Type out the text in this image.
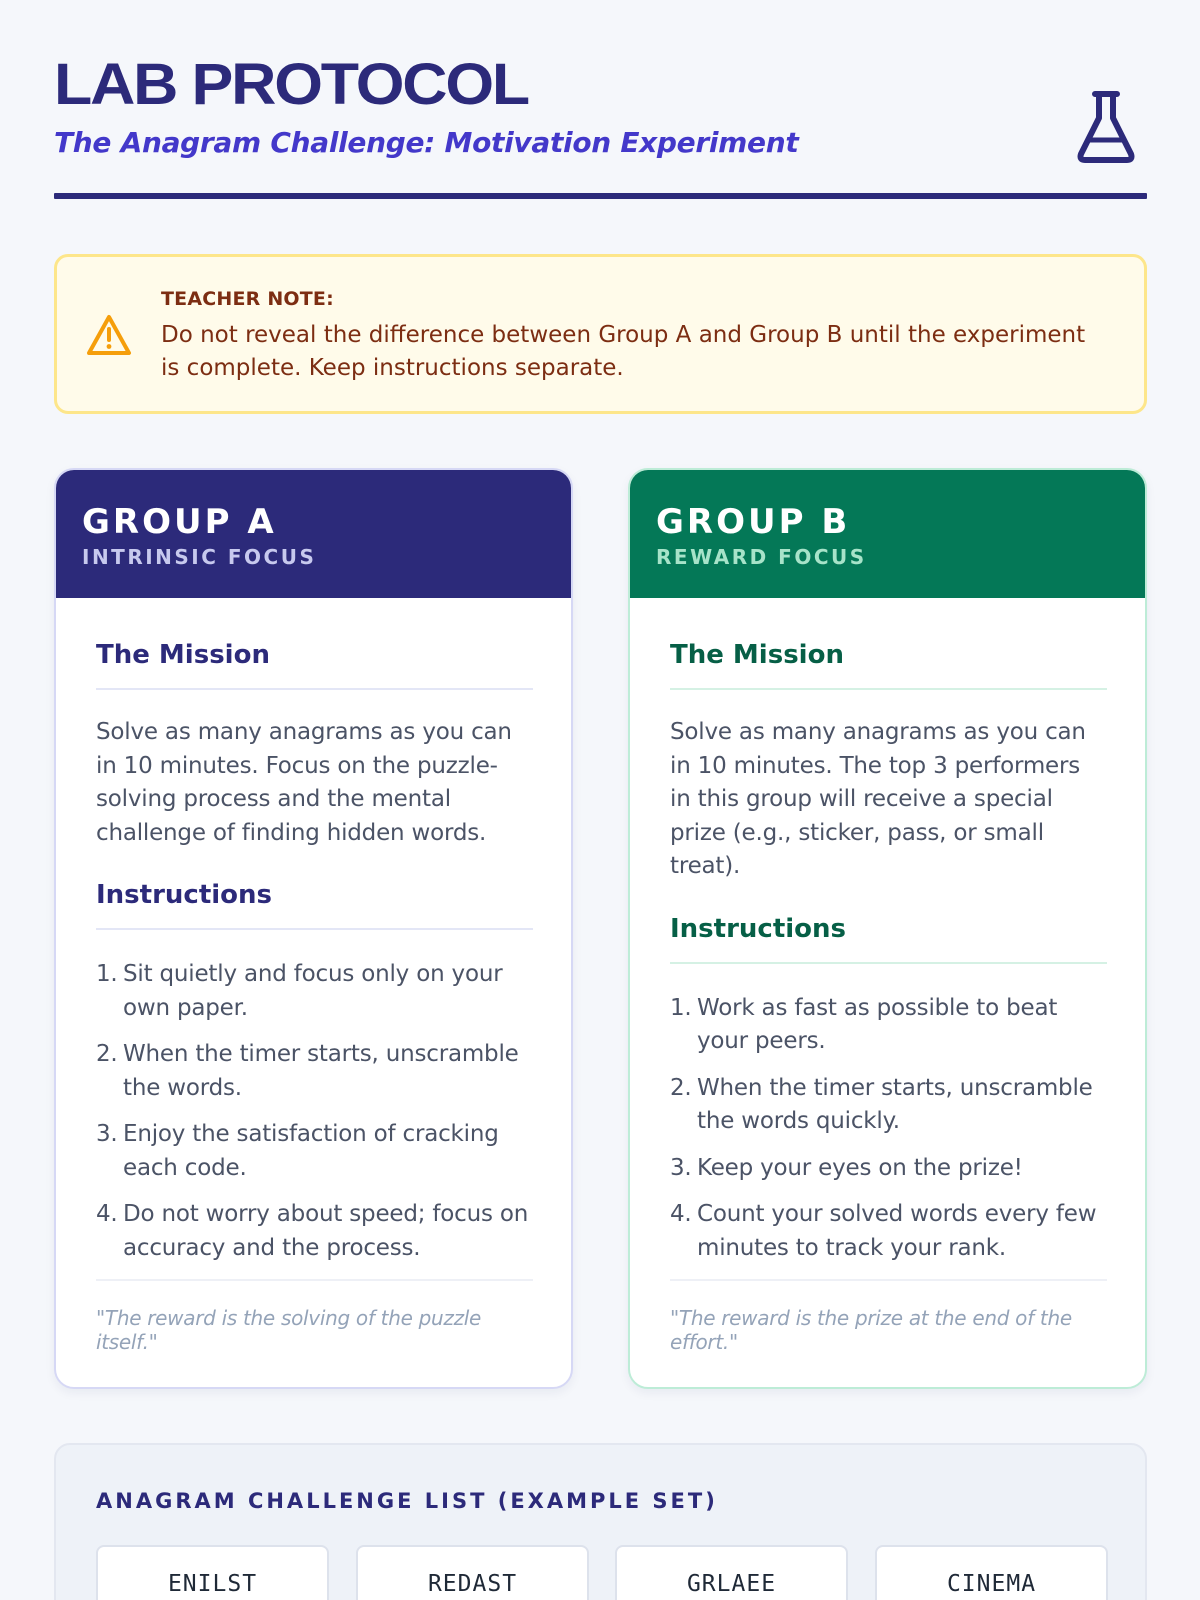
LAB PROTOCOL
The Anagram Challenge: Motivation Experiment
TEACHER NOTE:
Do not reveal the difference between Group A and Group B until the experiment is complete. Keep instructions separate.
GROUP A
INTRINSIC FOCUS
The Mission
Solve as many anagrams as you can in 10 minutes. Focus on the puzzle-solving process and the mental challenge of finding hidden words.
Instructions
1. Sit quietly and focus only on your own paper.
2. When the timer starts, unscramble the words.
3. Enjoy the satisfaction of cracking each code.
4. Do not worry about speed; focus on accuracy and the process.
"The reward is the solving of the puzzle itself."
GROUP B
REWARD FOCUS
The Mission
Solve as many anagrams as you can in 10 minutes. The top 3 performers in this group will receive a special prize (e.g., sticker, pass, or small treat).
Instructions
1. Work as fast as possible to beat your peers.
2. When the timer starts, unscramble the words quickly.
3. Keep your eyes on the prize!
4. Count your solved words every few minutes to track your rank.
"The reward is the prize at the end of the effort."
ANAGRAM CHALLENGE LIST (EXAMPLE SET)
ENILST	REDAST	GRLAEE	CINEMA
